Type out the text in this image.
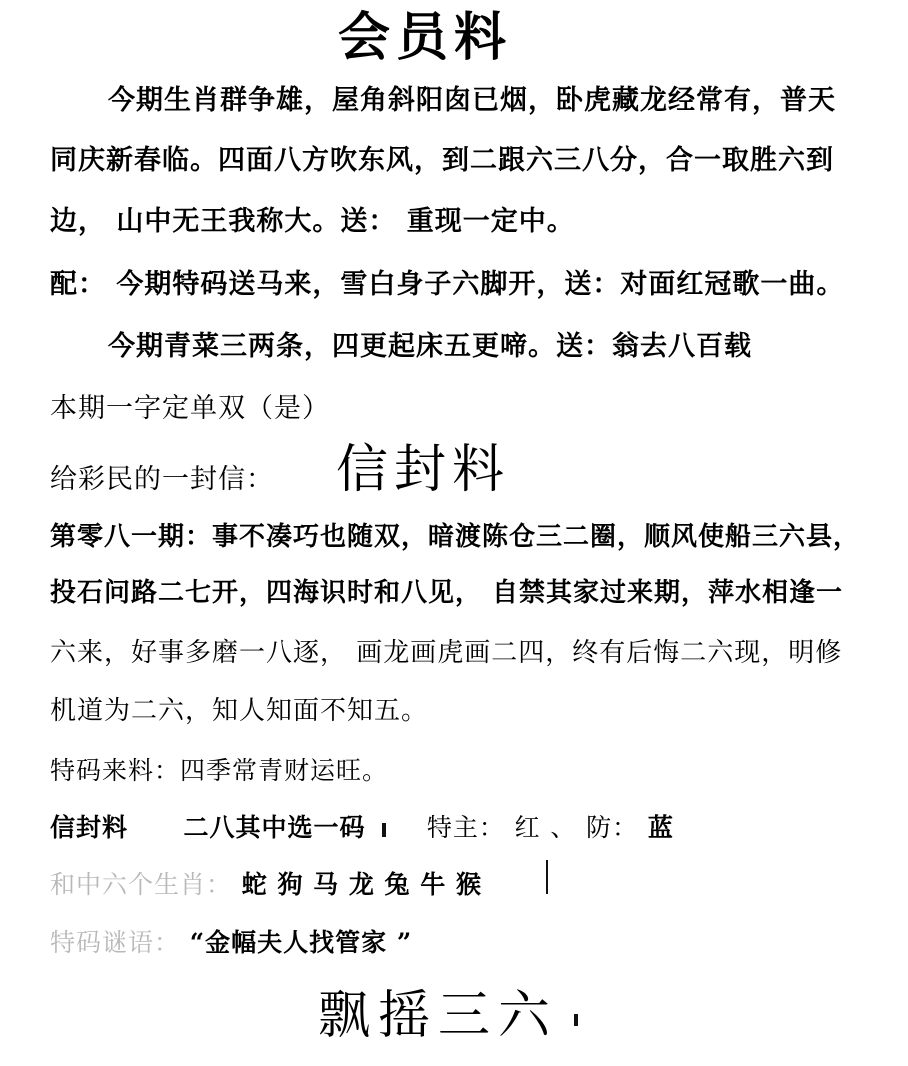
会员料
今期生肖群争雄，屋角斜阳囱已烟，卧虎藏龙经常有，普天
同庆新春临。四面八方吹东风，到二跟六三八分，合一取胜六到
边， 山中无王我称大。送： 重现一定中。
配： 今期特码送马来，雪白身子六脚开，送：对面红冠歌一曲。
今期青菜三两条，四更起床五更啼。送：翁去八百载
本期一字定单双（是）
给彩民的一封信： 信封料
第零八一期：事不凑巧也随双，暗渡陈仓三二圈，顺风使船三六县，
投石问路二七开，四海识时和八见， 自禁其家过来期，萍水相逢一
六来，好事多磨一八逐， 画龙画虎画二四，终有后悔二六现，明修
机道为二六，知人知面不知五。
特码来料：四季常青财运旺。
信封料 二八其中选一码 特主： 红 、 防： 蓝
和中六个生肖： 蛇 狗 马 龙 兔 牛 猴
特码谜语： “金幅夫人找管家 ”
飘摇三六
